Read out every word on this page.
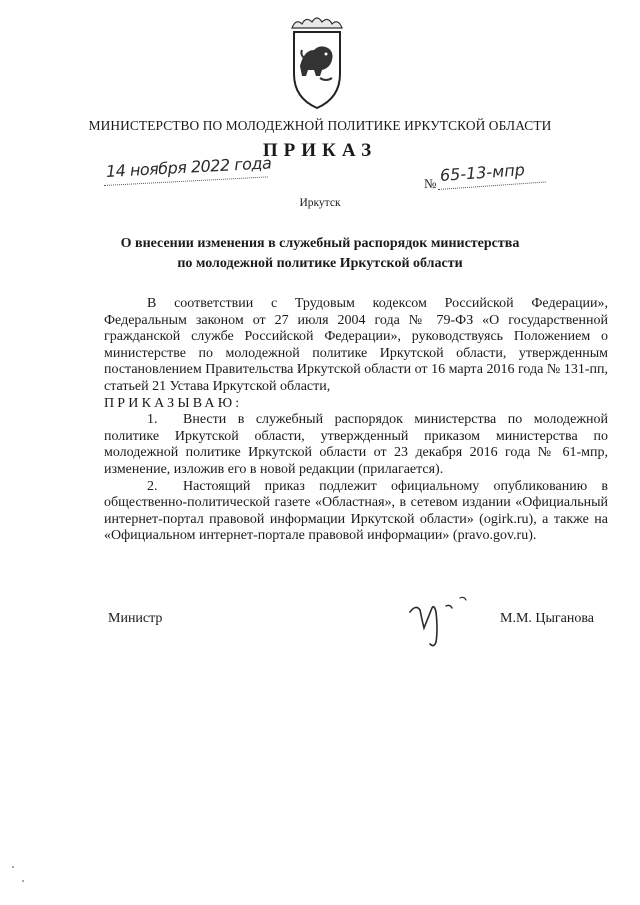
МИНИСТЕРСТВО ПО МОЛОДЕЖНОЙ ПОЛИТИКЕ ИРКУТСКОЙ ОБЛАСТИ
ПРИКАЗ
14 ноября 2022 года
№ 65-13-мпр
Иркутск
О внесении изменения в служебный распорядок министерства
по молодежной политике Иркутской области

В соответствии с Трудовым кодексом Российской Федерации», Федеральным законом от 27 июля 2004 года № 79-ФЗ «О государственной гражданской службе Российской Федерации», руководствуясь Положением о министерстве по молодежной политике Иркутской области, утвержденным постановлением Правительства Иркутской области от 16 марта 2016 года № 131-пп, статьей 21 Устава Иркутской области,

ПРИКАЗЫВАЮ:

1. Внести в служебный распорядок министерства по молодежной политике Иркутской области, утвержденный приказом министерства по молодежной политике Иркутской области от 23 декабря 2016 года № 61-мпр, изменение, изложив его в новой редакции (прилагается).

2. Настоящий приказ подлежит официальному опубликованию в общественно-политической газете «Областная», в сетевом издании «Официальный интернет-портал правовой информации Иркутской области» (ogirk.ru), а также на «Официальном интернет-портале правовой информации» (pravo.gov.ru).

Министр	М.М. Цыганова
